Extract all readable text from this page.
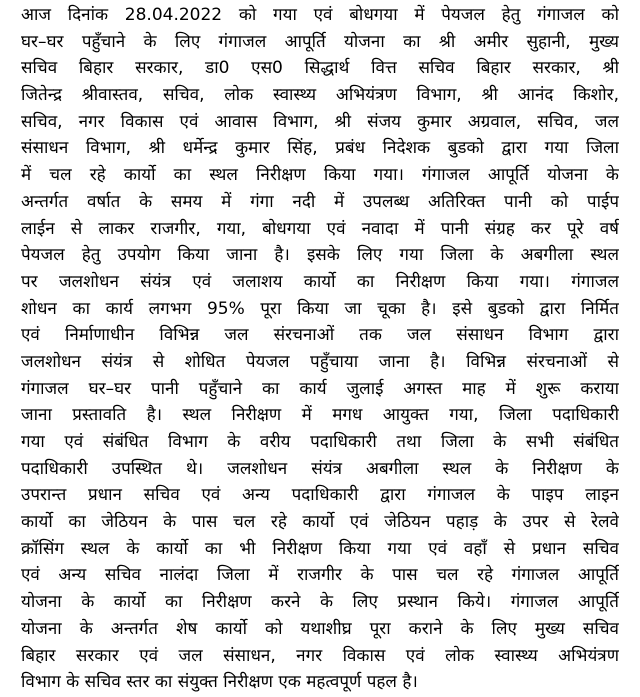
आज दिनांक 28.04.2022 को गया एवं बोधगया में पेयजल हेतु गंगाजल को
घर–घर पहुँचाने के लिए गंगाजल आपूर्ति योजना का श्री अमीर सुहानी, मुख्य
सचिव बिहार सरकार, डा0 एस0 सिद्धार्थ वित्त सचिव बिहार सरकार, श्री
जितेन्द्र श्रीवास्तव, सचिव, लोक स्वास्थ्य अभियंत्रण विभाग, श्री आनंद किशोर,
सचिव, नगर विकास एवं आवास विभाग, श्री संजय कुमार अग्रवाल, सचिव, जल
संसाधन विभाग, श्री धर्मेन्द्र कुमार सिंह, प्रबंध निदेशक बुडको द्वारा गया जिला
में चल रहे कार्यो का स्थल निरीक्षण किया गया। गंगाजल आपूर्ति योजना के
अन्तर्गत वर्षात के समय में गंगा नदी में उपलब्ध अतिरिक्त पानी को पाईप
लाईन से लाकर राजगीर, गया, बोधगया एवं नवादा में पानी संग्रह कर पूरे वर्ष
पेयजल हेतु उपयोग किया जाना है। इसके लिए गया जिला के अबगीला स्थल
पर जलशोधन संयंत्र एवं जलाशय कार्यो का निरीक्षण किया गया। गंगाजल
शोधन का कार्य लगभग 95% पूरा किया जा चूका है। इसे बुडको द्वारा निर्मित
एवं निर्माणाधीन विभिन्न जल संरचनाओं तक जल संसाधन विभाग द्वारा
जलशोधन संयंत्र से शोधित पेयजल पहुँचाया जाना है। विभिन्न संरचनाओं से
गंगाजल घर–घर पानी पहुँचाने का कार्य जुलाई अगस्त माह में शुरू कराया
जाना प्रस्तावति है। स्थल निरीक्षण में मगध आयुक्त गया, जिला पदाधिकारी
गया एवं संबंधित विभाग के वरीय पदाधिकारी तथा जिला के सभी संबंधित
पदाधिकारी उपस्थित थे। जलशोधन संयंत्र अबगीला स्थल के निरीक्षण के
उपरान्त प्रधान सचिव एवं अन्य पदाधिकारी द्वारा गंगाजल के पाइप लाइन
कार्यो का जेठियन के पास चल रहे कार्यो एवं जेठियन पहाड़ के उपर से रेलवे
क्रॉसिंग स्थल के कार्यो का भी निरीक्षण किया गया एवं वहाँ से प्रधान सचिव
एवं अन्य सचिव नालंदा जिला में राजगीर के पास चल रहे गंगाजल आपूर्ति
योजना के कार्यो का निरीक्षण करने के लिए प्रस्थान किये। गंगाजल आपूर्ति
योजना के अन्तर्गत शेष कार्यो को यथाशीघ्र पूरा कराने के लिए मुख्य सचिव
बिहार सरकार एवं जल संसाधन, नगर विकास एवं लोक स्वास्थ्य अभियंत्रण
विभाग के सचिव स्तर का संयुक्त निरीक्षण एक महत्वपूर्ण पहल है।
